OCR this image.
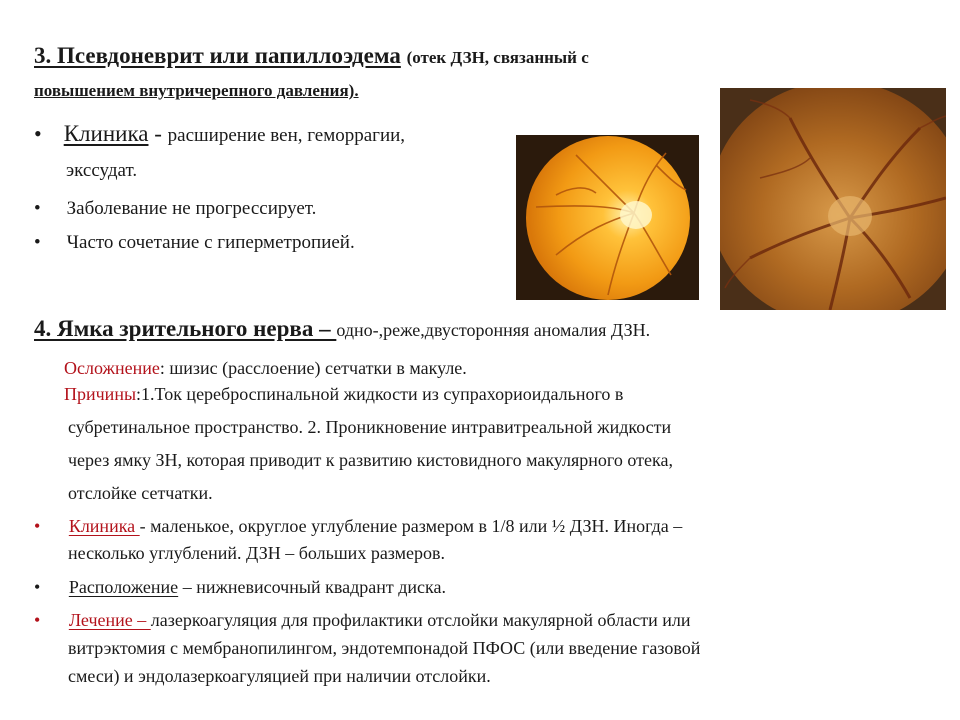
3. Псевдоневрит или папиллоэдема (отек ДЗН, связанный с
повышением внутричерепного давления).
• Клиника - расширение вен, геморрагии,
экссудат.
• Заболевание не прогрессирует.
• Часто сочетание с гиперметропией.
4. Ямка зрительного нерва – одно-,реже,двусторонняя аномалия ДЗН.
Осложнение: шизис (расслоение) сетчатки в макуле.
Причины:1.Ток цереброспинальной жидкости из супрахориоидального в
субретинальное пространство. 2. Проникновение интравитреальной жидкости
через ямку ЗН, которая приводит к развитию кистовидного макулярного отека,
отслойке сетчатки.
• Клиника - маленькое, округлое углубление размером в 1/8 или ½ ДЗН. Иногда –
несколько углублений. ДЗН – больших размеров.
• Расположение – нижневисочный квадрант диска.
• Лечение – лазеркоагуляция для профилактики отслойки макулярной области или
витрэктомия с мембранопилингом, эндотемпонадой ПФОС (или введение газовой
смеси) и эндолазеркоагуляцией при наличии отслойки.
